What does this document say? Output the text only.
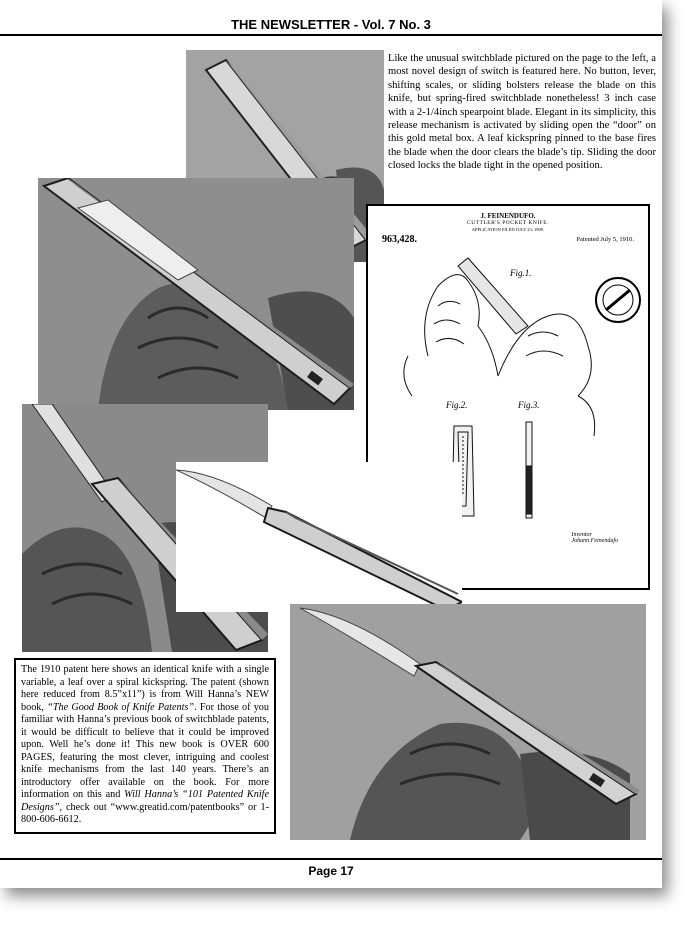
THE NEWSLETTER - Vol. 7 No. 3

Like the unusual switchblade pictured on the page to the left, a most novel design of switch is featured here. No button, lever, shifting scales, or sliding bolsters release the blade on this knife, but spring-fired switchblade nonetheless! 3 inch case with a 2-1/4inch spearpoint blade. Elegant in its simplicity, this release mechanism is activated by sliding open the “door” on this gold metal box. A leaf kickspring pinned to the base fires the blade when the door clears the blade’s tip. Sliding the door closed locks the blade tight in the opened position.

J. FEINENDUFO.
CUTTLER'S POCKET KNIFE.
APPLICATION FILED JULY 23, 1909.
963,428.	Patented July 5, 1910.
Fig.1.
Fig.2.	Fig.3.
Inventor
Johann Feinendufo

The 1910 patent here shows an identical knife with a single variable, a leaf over a spiral kickspring. The patent (shown here reduced from 8.5”x11”) is from Will Hanna’s NEW book, “The Good Book of Knife Patents”. For those of you familiar with Hanna’s previous book of switchblade patents, it would be difficult to believe that it could be improved upon. Well he’s done it! This new book is OVER 600 PAGES, featuring the most clever, intriguing and coolest knife mechanisms from the last 140 years. There’s an introductory offer available on the book. For more information on this and Will Hanna’s “101 Patented Knife Designs”, check out “www.greatid.com/patentbooks” or 1-800-606-6612.

Page 17
